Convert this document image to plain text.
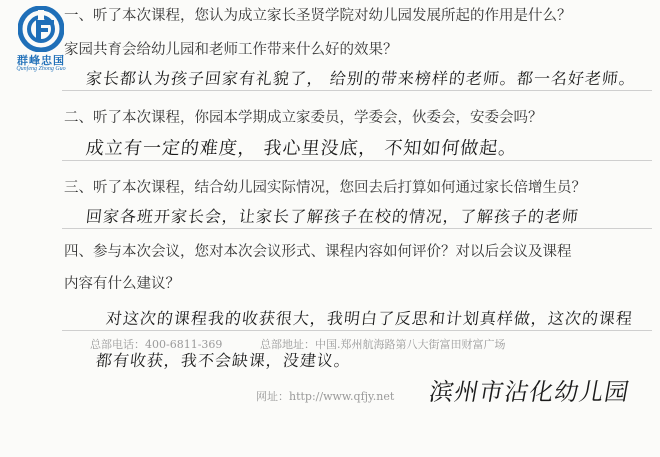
群峰忠国
Qunfeng Zhong Guo
一、听了本次课程，您认为成立家长圣贤学院对幼儿园发展所起的作用是什么？
家园共育会给幼儿园和老师工作带来什么好的效果？
家长都认为孩子回家有礼貌了， 给别的带来榜样的老师。都一名好老师。
二、听了本次课程，你园本学期成立家委员，学委会，伙委会，安委会吗？
成立有一定的难度， 我心里没底， 不知如何做起。
三、听了本次课程，结合幼儿园实际情况，您回去后打算如何通过家长倍增生员？
回家各班开家长会，让家长了解孩子在校的情况，了解孩子的老师
四、参与本次会议，您对本次会议形式、课程内容如何评价？对以后会议及课程
内容有什么建议？
对这次的课程我的收获很大，我明白了反思和计划真样做，这次的课程
总部电话：400-6811-369	总部地址：中国.郑州航海路第八大街富田财富广场
都有收获，我不会缺课，没建议。
网址：http://www.qfjy.net 滨州市沾化幼儿园
